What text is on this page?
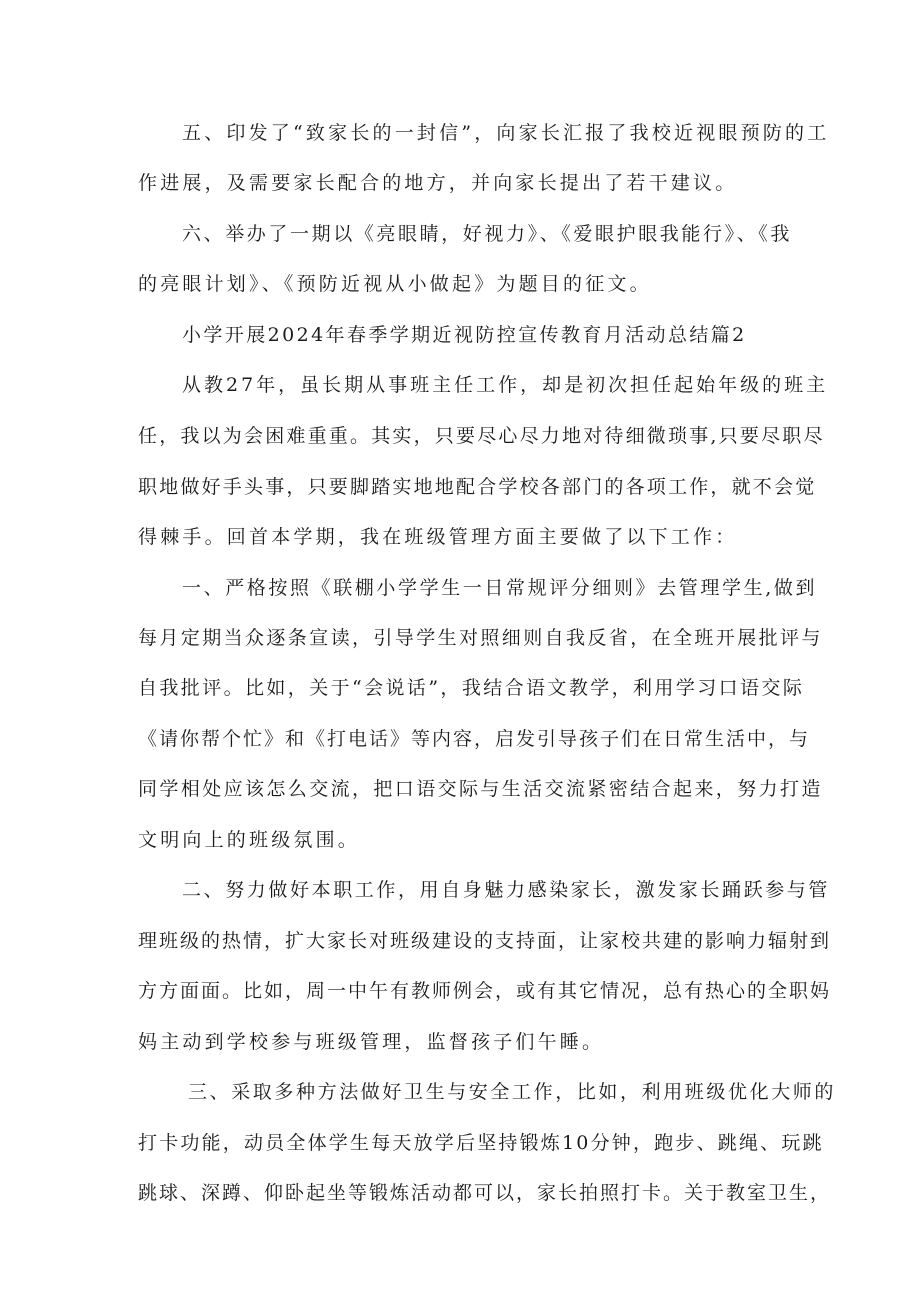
五、印发了“致家长的一封信”，向家长汇报了我校近视眼预防的工
作进展，及需要家长配合的地方，并向家长提出了若干建议。
六、举办了一期以《亮眼睛，好视力》、《爱眼护眼我能行》、《我
的亮眼计划》、《预防近视从小做起》为题目的征文。
小学开展2024年春季学期近视防控宣传教育月活动总结篇2
从教27年，虽长期从事班主任工作，却是初次担任起始年级的班主
任，我以为会困难重重。其实，只要尽心尽力地对待细微琐事,只要尽职尽
职地做好手头事，只要脚踏实地地配合学校各部门的各项工作，就不会觉
得棘手。回首本学期，我在班级管理方面主要做了以下工作：
一、严格按照《联棚小学学生一日常规评分细则》去管理学生,做到
每月定期当众逐条宣读，引导学生对照细则自我反省，在全班开展批评与
自我批评。比如，关于“会说话”，我结合语文教学，利用学习口语交际
《请你帮个忙》和《打电话》等内容，启发引导孩子们在日常生活中，与
同学相处应该怎么交流，把口语交际与生活交流紧密结合起来，努力打造
文明向上的班级氛围。
二、努力做好本职工作，用自身魅力感染家长，激发家长踊跃参与管
理班级的热情，扩大家长对班级建设的支持面，让家校共建的影响力辐射到
方方面面。比如，周一中午有教师例会，或有其它情况，总有热心的全职妈
妈主动到学校参与班级管理，监督孩子们午睡。
三、采取多种方法做好卫生与安全工作，比如，利用班级优化大师的
打卡功能，动员全体学生每天放学后坚持锻炼10分钟，跑步、跳绳、玩跳
跳球、深蹲、仰卧起坐等锻炼活动都可以，家长拍照打卡。关于教室卫生，
